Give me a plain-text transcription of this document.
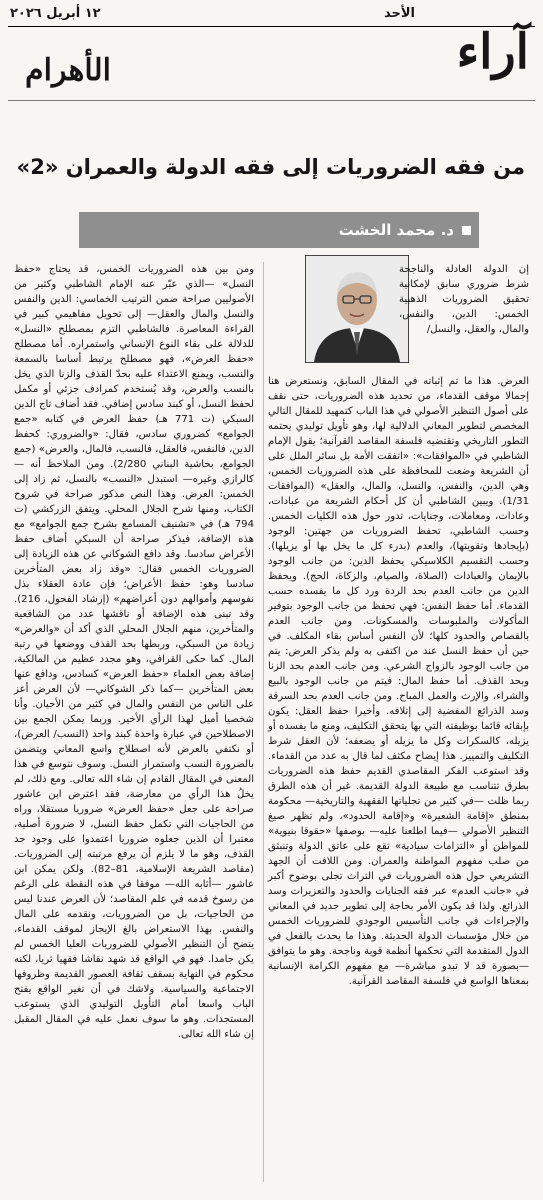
الأحد
١٢ أبريل ٢٠٢٦
آراء
الأهرام
من فقه الضروريات إلى فقه الدولة والعمران «2»
د. محمد الخشت

إن الدولة العادلة والناجحة شرط ضروري سابق لإمكانية تحقيق الضروريات الذهبية الخمس: الدين، والنفس، والمال، والعقل، والنسل/

العرض. هذا ما تم إثباته في المقال السابق، ونستعرض هنا إجمالا موقف القدماء، من تحديد هذه الضروريات، حتى نقف على أصول التنظير الأصولي في هذا الباب كتمهيد للمقال التالي المخصص لتطوير المعاني الدلالية لها، وهو تأويل توليدي يحتمه التطور التاريخي وتقتضيه فلسفة المقاصد القرآنية؛ يقول الإمام الشاطبي في «الموافقات»: «اتفقت الأمة بل سائر الملل على أن الشريعة وضعت للمحافظة على هذه الضروريات الخمس، وهي الدين، والنفس، والنسل، والمال، والعقل» (الموافقات 1/31). ويبين الشاطبي أن كل أحكام الشريعة من عبادات، وعادات، ومعاملات، وجنايات، تدور حول هذه الكليات الخمس. وحسب الشاطبي، تحفظ الضروريات من جهتين: الوجود (بإيجادها وتقويتها)، والعدم (بدرء كل ما يخل بها أو يزيلها). وحسب التقسيم الكلاسيكي يحفظ الدين: من جانب الوجود بالإيمان والعبادات (الصلاة، والصيام، والزكاة، الحج). ويحفظ الدين من جانب العدم بحد الردة ورد كل ما يفسده حسب القدماء. أما حفظ النفس: فهي تحفظ من جانب الوجود بتوفير المأكولات والملبوسات والمسكونات. ومن جانب العدم بالقصاص والحدود كلها؛ لأن النفس أساس بقاء المكلف. في حين أن حفظ النسل عند من اكتفى به ولم يذكر العرض: يتم من جانب الوجود بالزواج الشرعي. ومن جانب العدم بحد الزنا وبحد القذف. أما حفظ المال: فيتم من جانب الوجود بالبيع والشراء، والإرث والعمل المباح. ومن جانب العدم بحد السرقة وسد الذرائع المفضية إلى إتلافه. وأخيرا حفظ العقل: يكون بإبقائه قائما بوظيفته التي بها يتحقق التكليف، ومنع ما يفسده أو يزيله، كالسكرات وكل ما يزيله أو يضعفه؛ لأن العقل شرط التكليف والتمييز. هذا إيضاح مكثف لما قال به عدد من القدماء. وقد استوعب الفكر المقاصدي القديم حفظ هذه الضروريات بطرق تتناسب مع طبيعة الدولة القديمة. غير أن هذه الطرق ربما ظلت —في كثير من تجلياتها الفقهية والتاريخية— محكومة بمنطق «إقامة الشعيرة» و«إقامة الحدود»، ولم تظهر صيغ التنظير الأصولي —فيما اطلعنا عليه— بوصفها «حقوقا بنيوية» للمواطن أو «التزامات سيادية» تقع على عاتق الدولة وتنبثق من صلب مفهوم المواطنة والعمران. ومن اللافت أن الجهد التشريعي حول هذه الضروريات في التراث تجلى بوضوح أكبر في «جانب العدم» عبر فقه الجنايات والحدود والتعزيرات وسد الذرائع. ولذا قد يكون الأمر بحاجة إلى تطوير جديد في المعاني والإجراءات في جانب التأسيس الوجودي للضروريات الخمس من خلال مؤسسات الدولة الحديثة. وهذا ما يحدث بالفعل في الدول المتقدمة التي تحكمها أنظمة قوية وناجحة. وهو ما يتوافق —بصورة قد لا تبدو مباشرة— مع مفهوم الكرامة الإنسانية بمعناها الواسع في فلسفة المقاصد القرآنية.

ومن بين هذه الضروريات الخمس، قد يحتاج «حفظ النسل» —الذي عبّر عنه الإمام الشاطبي وكثير من الأصوليين صراحة ضمن الترتيب الخماسي: الدين والنفس والنسل والمال والعقل— إلى تحويل مفاهيمي كبير في القراءة المعاصرة. فالشاطبي التزم بمصطلح «النسل» للدلالة على بقاء النوع الإنساني واستمراره. أما مصطلح «حفظ العرض»، فهو مصطلح يرتبط أساسا بالسمعة والنسب، ويمنع الاعتداء عليه بحدّ القذف والزنا الذي يخل بالنسب والعرض، وقد يُستخدم كمرادف جزئي أو مكمل لحفظ النسل، أو كبند سادس إضافي. فقد أضاف تاج الدين السبكي (ت 771 هـ) حفظ العرض في كتابه «جمع الجوامع» كضروري سادس، فقال: «والضروري: كحفظ الدين، فالنفس، فالعقل، فالنسب، فالمال، والعرض» (جمع الجوامع، بحاشية البناني 2/280). ومن الملاحظ أنه —كالرازي وغيره— استبدل «النسب» بالنسل، ثم زاد إلى الخمس: العرض. وهذا النص مذكور صراحة في شروح الكتاب، ومنها شرح الجلال المحلي. ويتفق الزركشي (ت 794 هـ) في «تشنيف المسامع بشرح جمع الجوامع» مع هذه الإضافة، فيذكر صراحة أن السبكي أضاف حفظ الأعراض سادسا. وقد دافع الشوكاني عن هذه الزيادة إلى الضروريات الخمس فقال: «وقد زاد بعض المتأخرين سادسا وهو: حفظ الأعراض؛ فإن عادة العقلاء بذل نفوسهم وأموالهم دون أعراضهم» (إرشاد الفحول، 216). وقد تبنى هذه الإضافة أو ناقشها عدد من الشافعية والمتأخرين، منهم الجلال المحلي الذي أكد أن «والعرض» زيادة من السبكي، وربطها بحد القذف ووضعها في رتبة المال. كما حكى القرافي، وهو مجدد عظيم من المالكية، إضافة بعض العلماء «حفظ العرض» كسادس، ودافع عنها بعض المتأخرين —كما ذكر الشوكاني— لأن العرض أعز على الناس من النفس والمال في كثير من الأحيان. وأنا شخصيا أميل لهذا الرأي الأخير. وربما يمكن الجمع بين الاصطلاحين في عبارة واحدة كبند واحد (النسب/ العرض)، أو نكتفي بالعرض لأنه اصطلاح واسع المعاني ويتضمن بالضرورة النسب واستمرار النسل. وسوف نتوسع في هذا المعنى في المقال القادم إن شاء الله تعالى. ومع ذلك، لم يخلُ هذا الرأي من معارضة، فقد اعترض ابن عاشور صراحة على جعل «حفظ العرض» ضروريا مستقلا، وراه من الحاجيات التي تكمل حفظ النسل، لا ضرورة أصلية، معتبرا أن الذين جعلوه ضروريا اعتمدوا على وجود حد القذف، وهو ما لا يلزم أن يرفع مرتبته إلى الضروريات. (مقاصد الشريعة الإسلامية، 81–82). ولكن يمكن ابن عاشور —أثابه الله— موفقا في هذه النقطة على الرغم من رسوخ قدمه في علم المقاصد؛ لأن العرض عندنا ليس من الحاجيات، بل من الضروريات، ونقدمه على المال والنفس. بهذا الاستعراض بالغ الإيجاز لموقف القدماء، يتضح أن التنظير الأصولي للضروريات العليا الخمس لم يكن جامدا. فهو في الواقع قد شهد نقاشا فقهيا ثريا، لكنه محكوم في النهاية بسقف ثقافة العصور القديمة وظروفها الاجتماعية والسياسية. ولاشك في أن تغير الواقع يفتح الباب واسعا أمام التأويل التوليدي الذي يستوعب المستجدات. وهو ما سوف نعمل عليه في المقال المقبل إن شاء الله تعالى.
